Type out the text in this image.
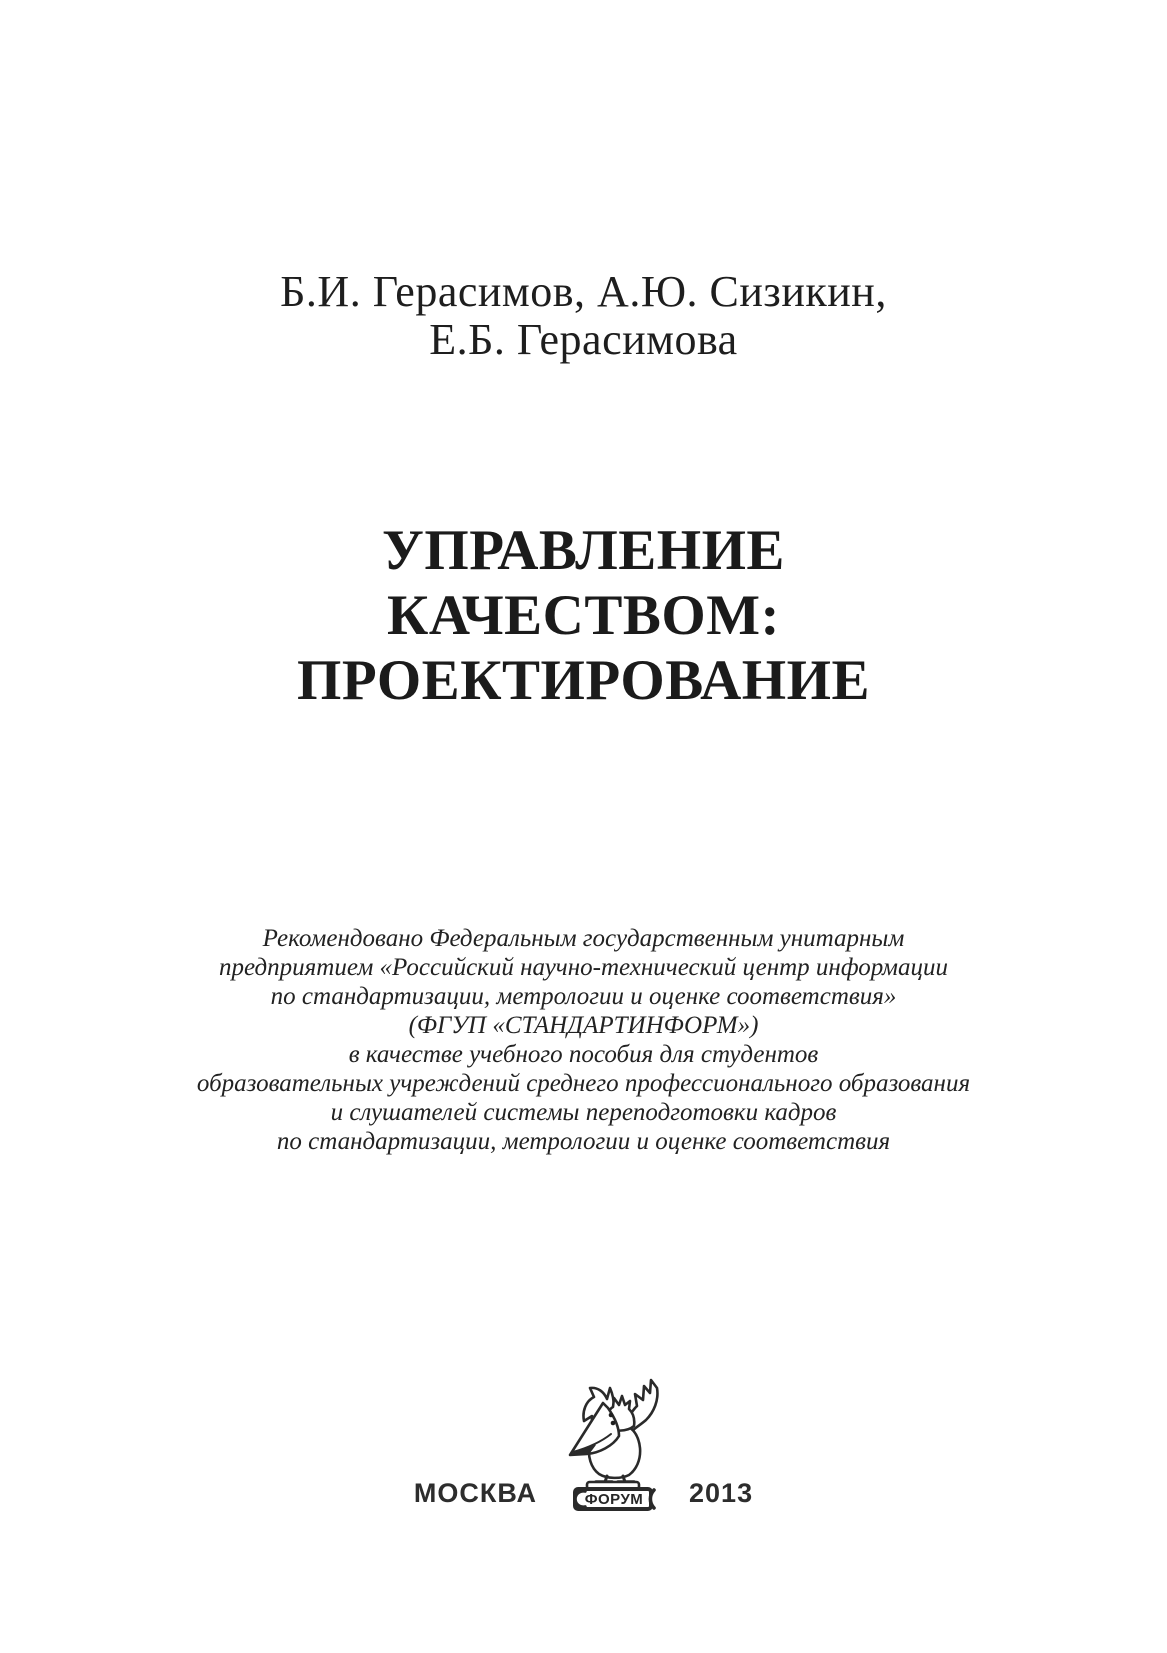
Б.И. Герасимов, А.Ю. Сизикин,
Е.Б. Герасимова
УПРАВЛЕНИЕ
КАЧЕСТВОМ:
ПРОЕКТИРОВАНИЕ
Рекомендовано Федеральным государственным унитарным
предприятием «Российский научно-технический центр информации
по стандартизации, метрологии и оценке соответствия»
(ФГУП «СТАНДАРТИНФОРМ»)
в качестве учебного пособия для студентов
образовательных учреждений среднего профессионального образования
и слушателей системы переподготовки кадров
по стандартизации, метрологии и оценке соответствия
МОСКВА	ФОРУМ 2013
